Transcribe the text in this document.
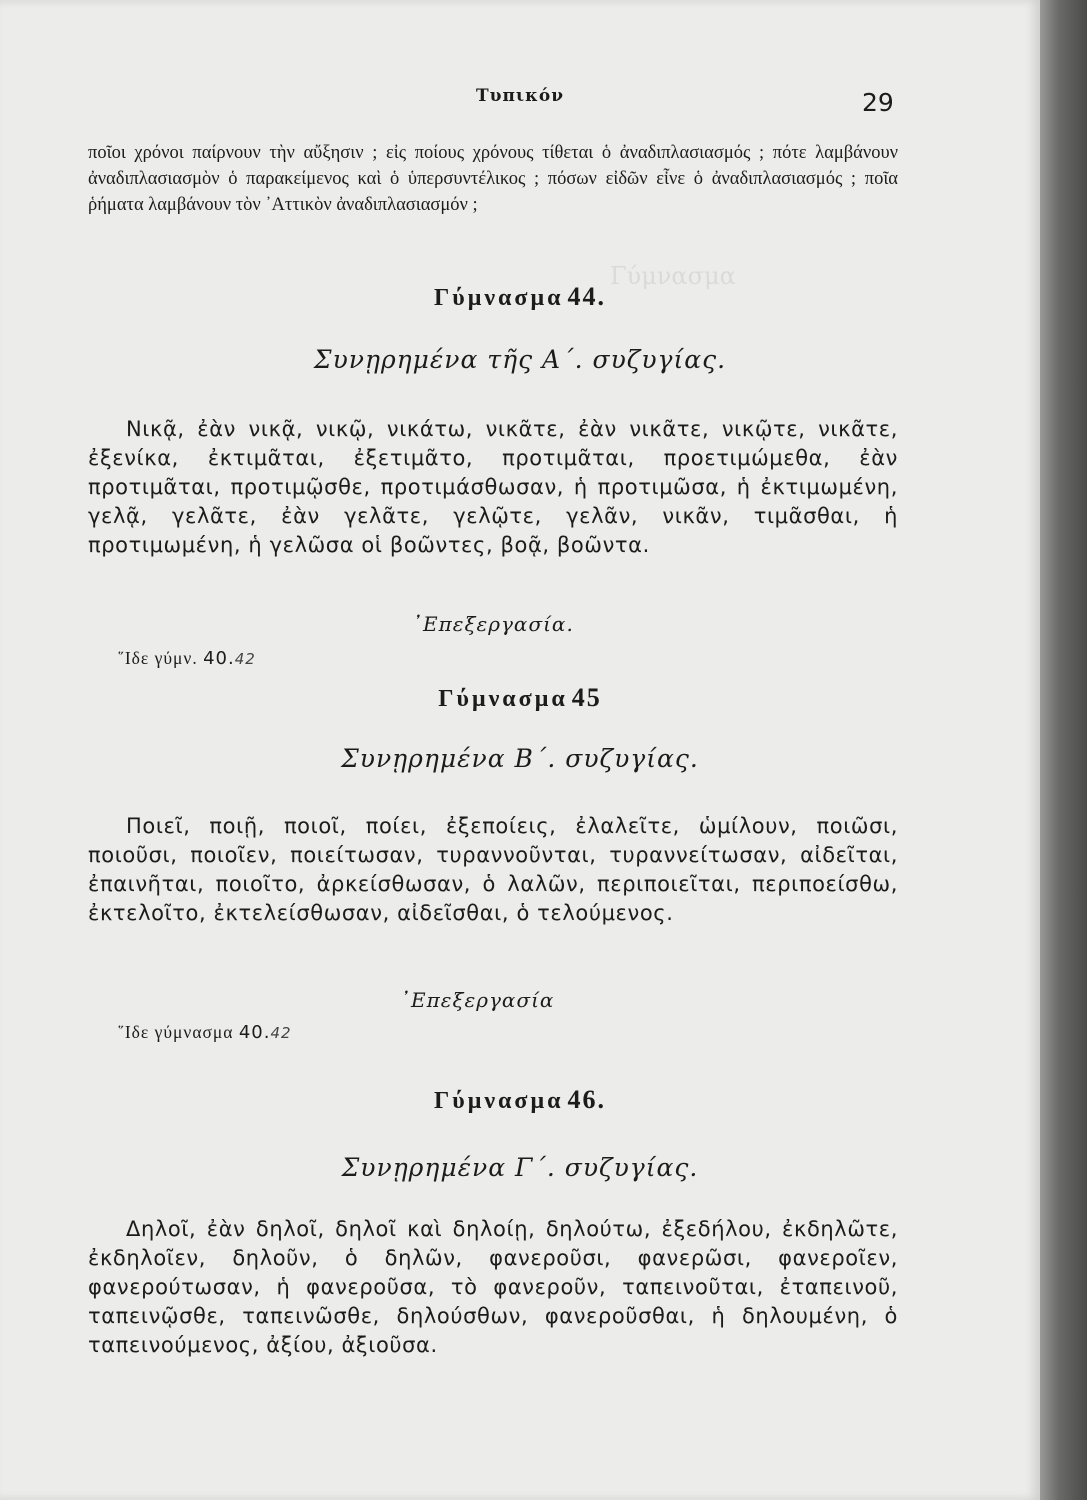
Γύμνασμα
Τυπικόν	29

ποῖοι χρόνοι παίρνουν τὴν αὔξησιν ; εἰς ποίους χρόνους τίθεται ὁ ἀναδιπλασιασμός ; πότε λαμβάνουν ἀναδιπλασιασμὸν ὁ παρακείμενος καὶ ὁ ὑπερσυντέλικος ; πόσων εἰδῶν εἶνε ὁ ἀναδιπλασιασμός ; ποῖα ῥήματα λαμβάνουν τὸν ᾿Αττικὸν ἀναδιπλασιασμόν ;

Γύμνασμα 44.
Συνῃρημένα τῆς Α΄. συζυγίας.
Νικᾷ, ἐὰν νικᾷ, νικῷ, νικάτω, νικᾶτε, ἐὰν νικᾶτε, νικῷτε, νικᾶτε, ἐξενίκα, ἐκτιμᾶται, ἐξετιμᾶτο, προτιμᾶται, προετιμώμεθα, ἐὰν προτιμᾶται, προτιμῷσθε, προτιμάσθωσαν, ἡ προτιμῶσα, ἡ ἐκτιμωμένη, γελᾷ, γελᾶτε, ἐὰν γελᾶτε, γελῷτε, γελᾶν, νικᾶν, τιμᾶσθαι, ἡ προτιμωμένη, ἡ γελῶσα οἱ βοῶντες, βοᾷ, βοῶντα.
᾿Επεξεργασία.
῞Ιδε γύμν. 40.42
Γύμνασμα 45
Συνῃρημένα Β΄. συζυγίας.
Ποιεῖ, ποιῇ, ποιοῖ, ποίει, ἐξεποίεις, ἐλαλεῖτε, ὡμίλουν, ποιῶσι, ποιοῦσι, ποιοῖεν, ποιείτωσαν, τυραννοῦνται, τυραννείτωσαν, αἰδεῖται, ἐπαινῆται, ποιοῖτο, ἀρκείσθωσαν, ὁ λαλῶν, περιποιεῖται, περιποείσθω, ἐκτελοῖτο, ἐκτελείσθωσαν, αἰδεῖσθαι, ὁ τελούμενος.
᾿Επεξεργασία
῞Ιδε γύμνασμα 40.42
Γύμνασμα 46.
Συνῃρημένα Γ΄. συζυγίας.
Δηλοῖ, ἐὰν δηλοῖ, δηλοῖ καὶ δηλοίῃ, δηλούτω, ἐξεδήλου, ἐκδηλῶτε, ἐκδηλοῖεν, δηλοῦν, ὁ δηλῶν, φανεροῦσι, φανερῶσι, φανεροῖεν, φανερούτωσαν, ἡ φανεροῦσα, τὸ φανεροῦν, ταπεινοῦται, ἐταπεινοῦ, ταπεινῷσθε, ταπεινῶσθε, δηλούσθων, φανεροῦσθαι, ἡ δηλουμένη, ὁ ταπεινούμενος, ἀξίου, ἀξιοῦσα.
